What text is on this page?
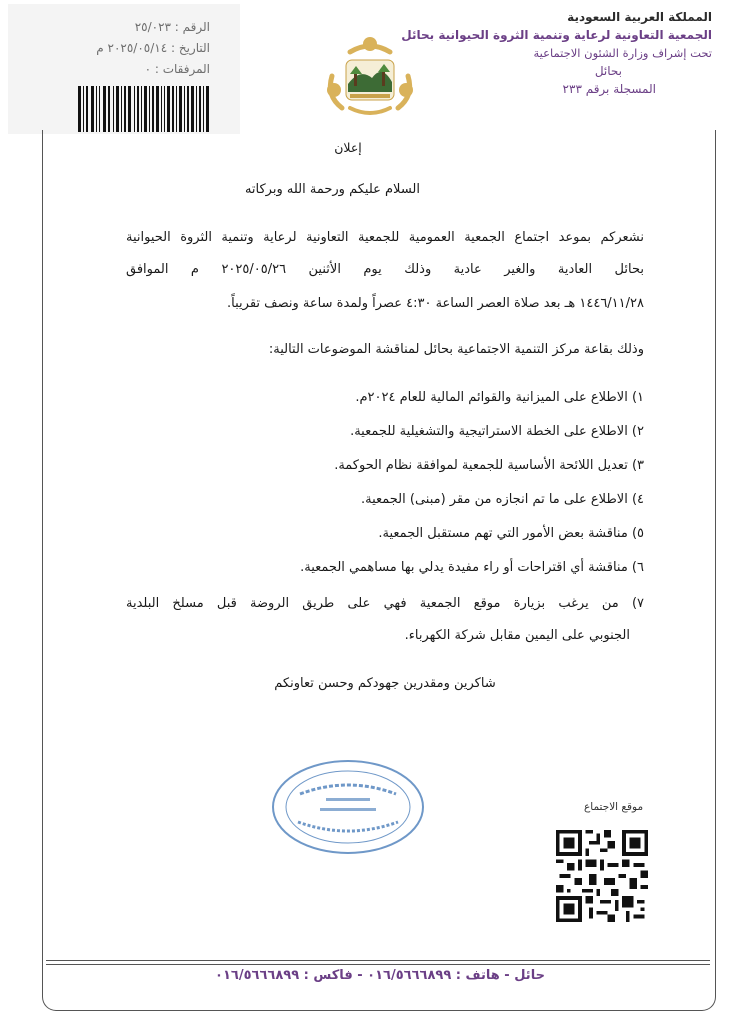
الرقم : ٢٥/٠٢٣
التاريخ : ٢٠٢٥/٠٥/١٤ م
المرفقات : ٠
المملكة العربية السعودية
الجمعية التعاونية لرعاية وتنمية الثروة الحيوانية بحائل
تحت إشراف وزارة الشئون الاجتماعية
بحائل
المسجلة برقم ٢٣٣
إعلان
السلام عليكم ورحمة الله وبركاته
نشعركم بموعد اجتماع الجمعية العمومية للجمعية التعاونية لرعاية وتنمية الثروة الحيوانية
بحائل العادية والغير عادية وذلك يوم الأثنين ٢٠٢٥/٠٥/٢٦ م الموافق
١٤٤٦/١١/٢٨ هـ بعد صلاة العصر الساعة ٤:٣٠ عصراً ولمدة ساعة ونصف تقريباً.
وذلك بقاعة مركز التنمية الاجتماعية بحائل لمناقشة الموضوعات التالية:
١) الاطلاع على الميزانية والقوائم المالية للعام ٢٠٢٤م.
٢) الاطلاع على الخطة الاستراتيجية والتشغيلية للجمعية.
٣) تعديل اللائحة الأساسية للجمعية لموافقة نظام الحوكمة.
٤) الاطلاع على ما تم انجازه من مقر (مبنى) الجمعية.
٥) مناقشة بعض الأمور التي تهم مستقبل الجمعية.
٦) مناقشة أي اقتراحات أو راء مفيدة يدلي بها مساهمي الجمعية.
٧) من يرغب بزيارة موقع الجمعية فهي على طريق الروضة قبل مسلخ البلدية
الجنوبي على اليمين مقابل شركة الكهرباء.
شاكرين ومقدرين جهودكم وحسن تعاونكم
موقع الاجتماع
حائل - هاتف : ٠١٦/٥٦٦٦٨٩٩ - فاكس : ٠١٦/٥٦٦٦٨٩٩
